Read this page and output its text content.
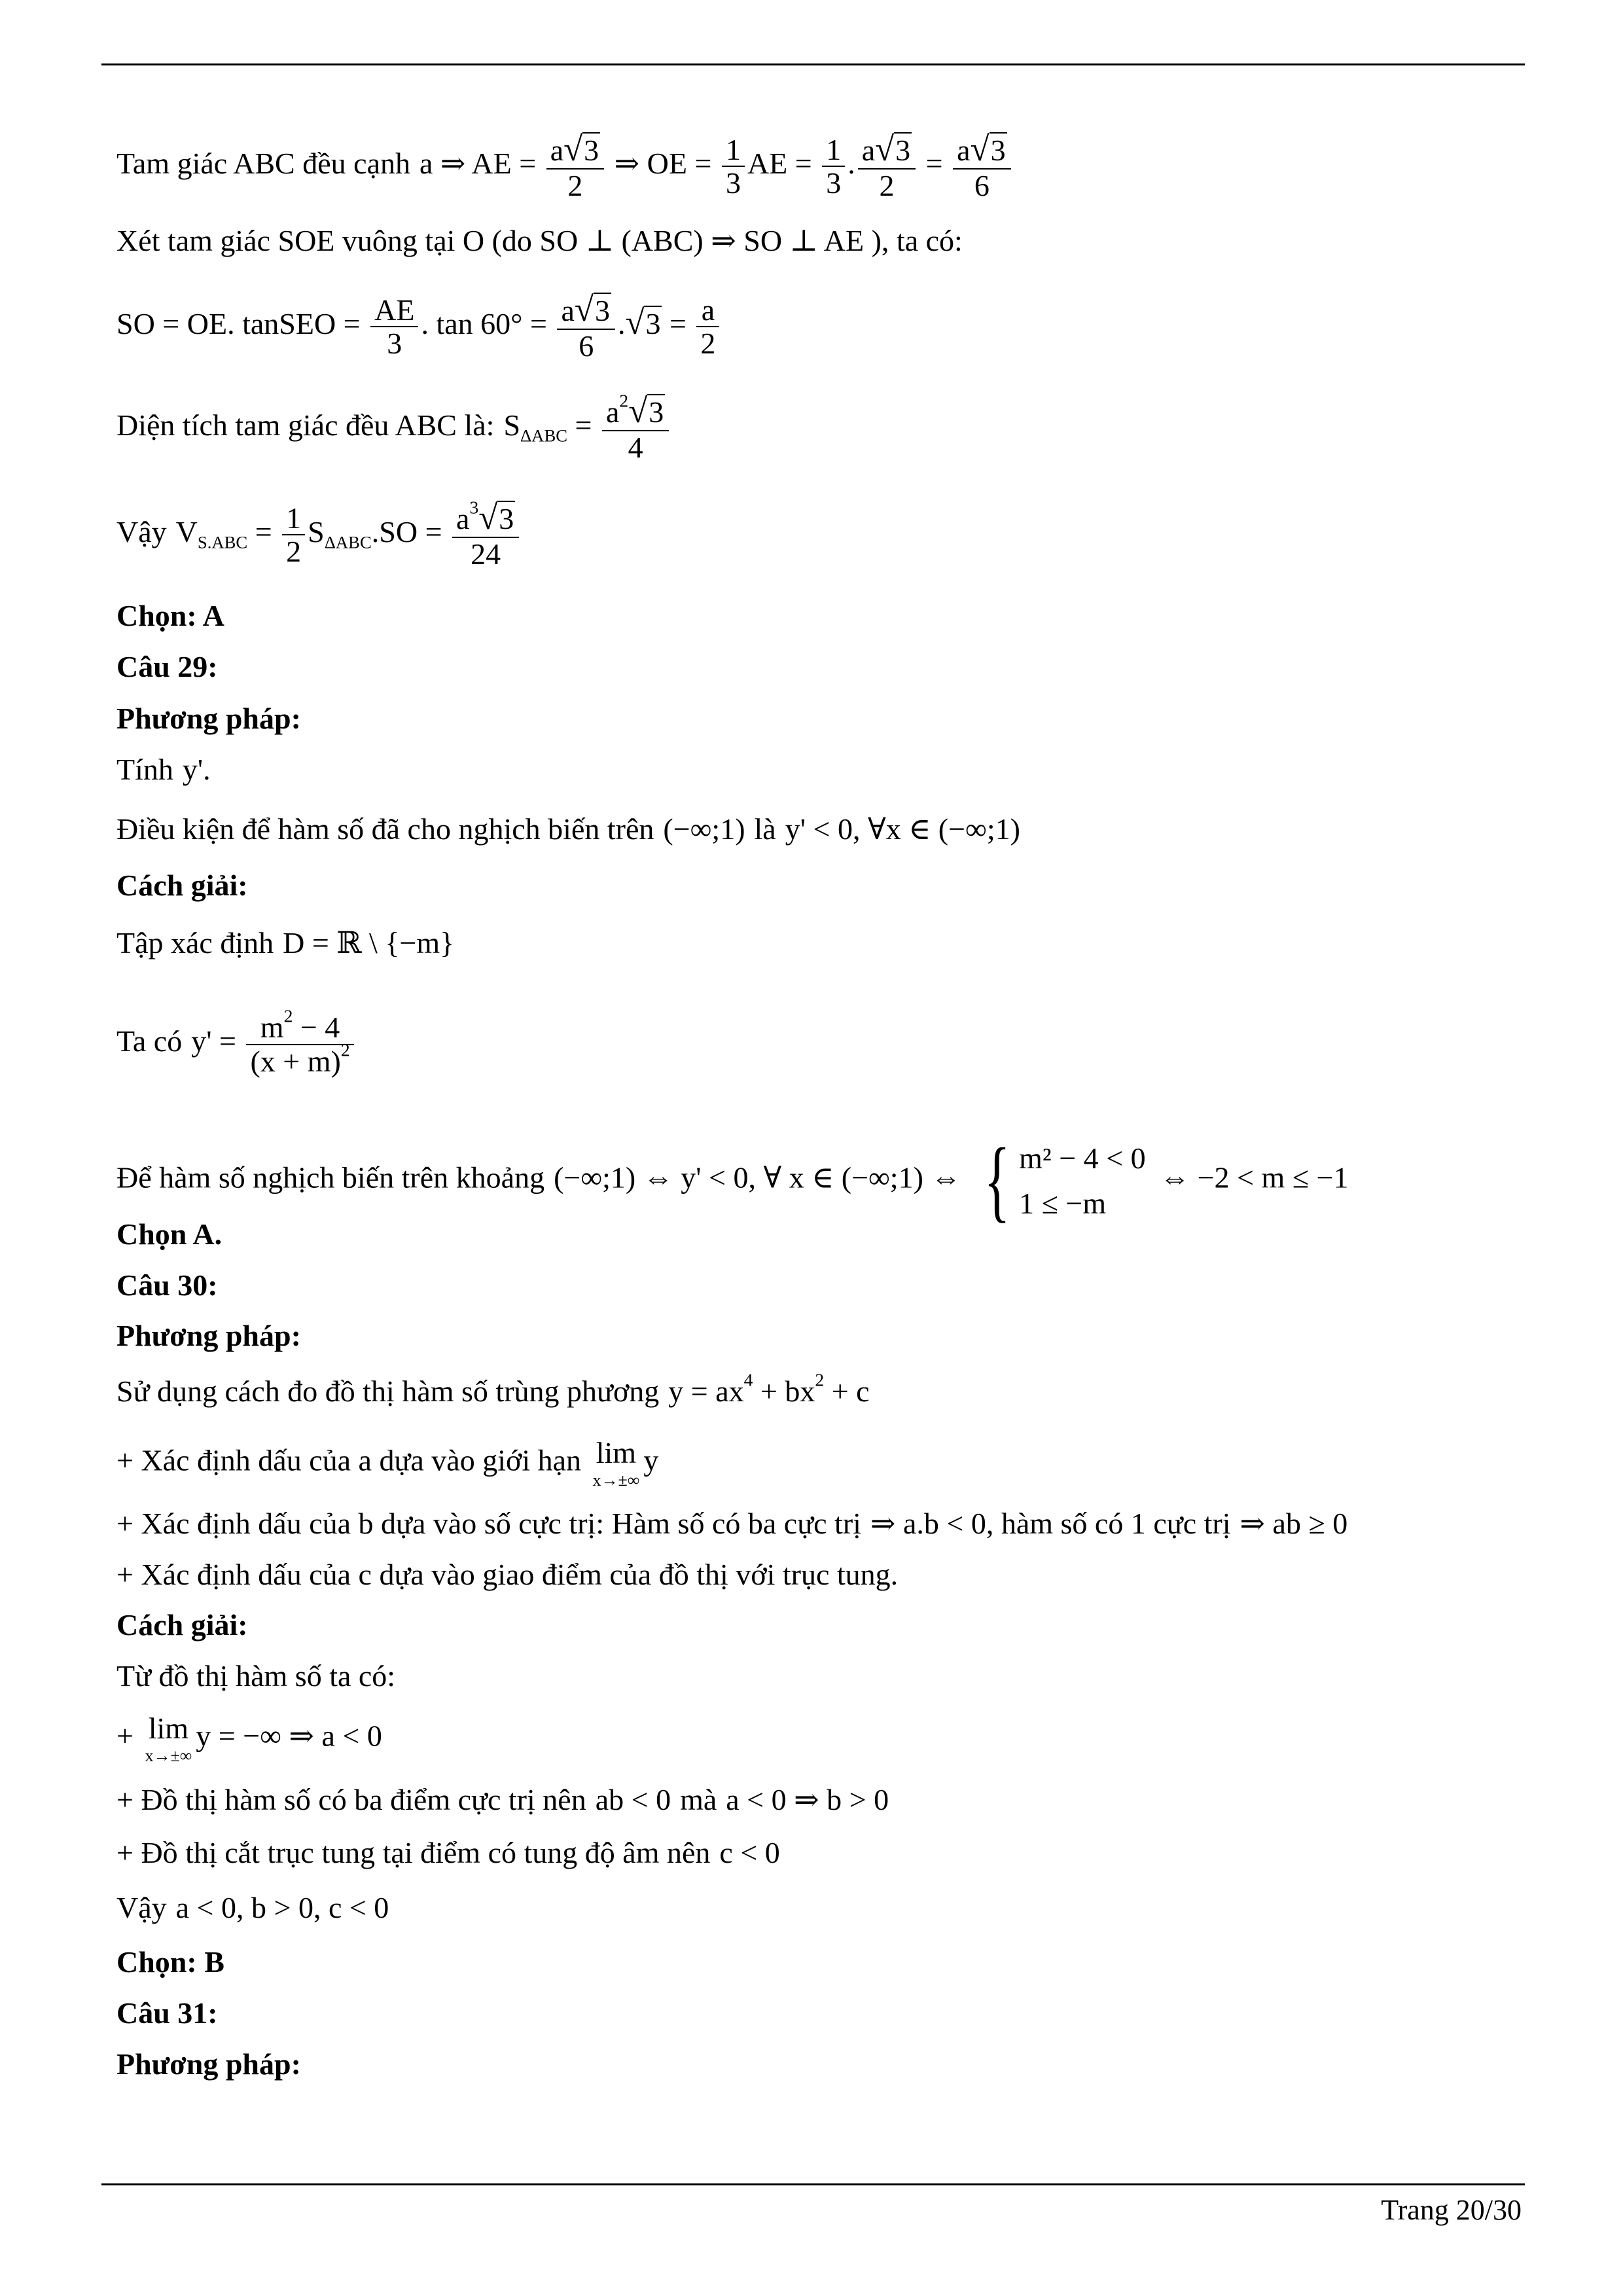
Tam giác ABC đều cạnh a ⇒ AE = $\frac{a√3}{2}$ ⇒ OE = $\frac{1}{3}$ AE = $\frac{1}{3}$ . $\frac{a√3}{2} = \frac{a√3}{6}$
Xét tam giác SOE vuông tại O (do SO ⊥ (ABC) ⇒ SO ⊥ AE ), ta có:
SO = OE. tanSEO = $\frac{AE}{3}$ . $\tan 60^\circ = \frac{a√3}{6} .√3 = \frac{a}{2}$
Diện tích tam giác đều ABC là: $S_{\Delta ABC} = \frac{a^2√3}{4}$
Vậy $V_{S.ABC} = \frac{1}{2} S_{\Delta ABC}.SO = \frac{a^3√3}{24}$
Chọn: A
Câu 29:
Phương pháp:
Tính y'.
Điều kiện để hàm số đã cho nghịch biến trên (−∞;1) là y' < 0, ∀x ∈ (−∞;1)
Cách giải:
Tập xác định D = ℝ \ {−m}
Ta có $y' = \frac{m^2 - 4}{(x + m)^2}$
Để hàm số nghịch biến trên khoảng (−∞;1) ⇔ y' < 0, ∀ x ∈ (−∞;1) ⇔ { m² − 4 < 0
1 ≤ −m
⇔ −2 < m ≤ −1
Chọn A.
Câu 30:
Phương pháp:
Sử dụng cách đo đồ thị hàm số trùng phương $y = ax^4 + bx^2 + c$
+ Xác định dấu của a dựa vào giới hạn lim
x→±∞
y
+ Xác định dấu của b dựa vào số cực trị: Hàm số có ba cực trị ⇒ a.b < 0, hàm số có 1 cực trị ⇒ ab ≥ 0
+ Xác định dấu của c dựa vào giao điểm của đồ thị với trục tung.
Cách giải:
Từ đồ thị hàm số ta có:
+ lim
x→±∞
y = −∞ ⇒ a < 0
+ Đồ thị hàm số có ba điểm cực trị nên ab < 0 mà a < 0 ⇒ b > 0
+ Đồ thị cắt trục tung tại điểm có tung độ âm nên c < 0
Vậy a < 0, b > 0, c < 0
Chọn: B
Câu 31:
Phương pháp:
Trang 20/30
